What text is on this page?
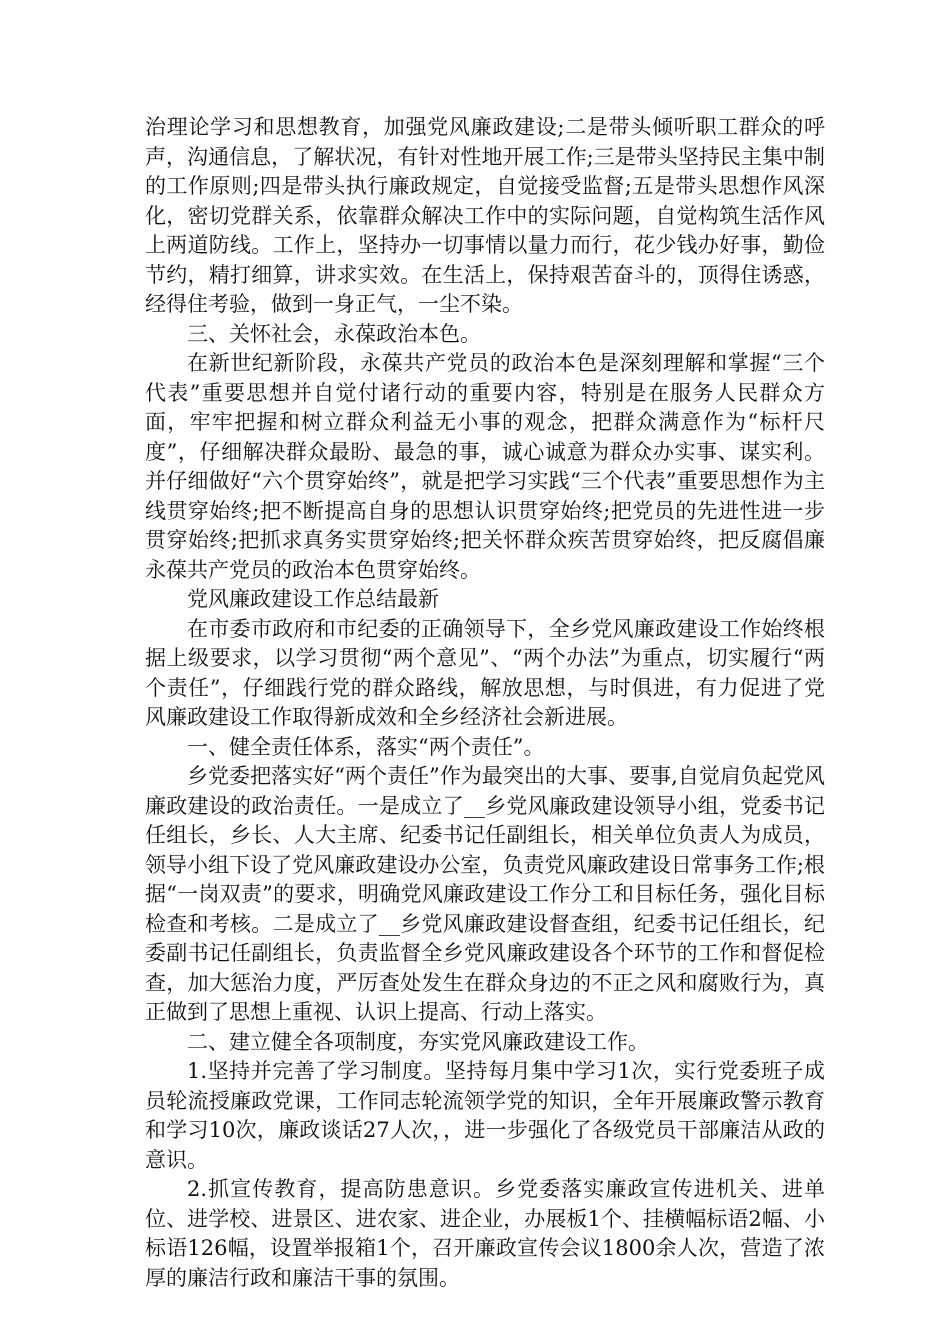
治理论学习和思想教育，加强党风廉政建设;二是带头倾听职工群众的呼声，沟通信息，了解状况，有针对性地开展工作;三是带头坚持民主集中制的工作原则;四是带头执行廉政规定，自觉接受监督;五是带头思想作风深化，密切党群关系，依靠群众解决工作中的实际问题，自觉构筑生活作风上两道防线。工作上，坚持办一切事情以量力而行，花少钱办好事，勤俭节约，精打细算，讲求实效。在生活上，保持艰苦奋斗的，顶得住诱惑，经得住考验，做到一身正气，一尘不染。

三、关怀社会，永葆政治本色。

在新世纪新阶段，永葆共产党员的政治本色是深刻理解和掌握“三个代表”重要思想并自觉付诸行动的重要内容，特别是在服务人民群众方面，牢牢把握和树立群众利益无小事的观念，把群众满意作为“标杆尺度”，仔细解决群众最盼、最急的事，诚心诚意为群众办实事、谋实利。并仔细做好“六个贯穿始终”，就是把学习实践“三个代表”重要思想作为主线贯穿始终;把不断提高自身的思想认识贯穿始终;把党员的先进性进一步贯穿始终;把抓求真务实贯穿始终;把关怀群众疾苦贯穿始终，把反腐倡廉永葆共产党员的政治本色贯穿始终。

党风廉政建设工作总结最新

在市委市政府和市纪委的正确领导下，全乡党风廉政建设工作始终根据上级要求，以学习贯彻“两个意见”、“两个办法”为重点，切实履行“两个责任”，仔细践行党的群众路线，解放思想，与时俱进，有力促进了党风廉政建设工作取得新成效和全乡经济社会新进展。

一、健全责任体系，落实“两个责任”。

乡党委把落实好“两个责任”作为最突出的大事、要事,自觉肩负起党风廉政建设的政治责任。一是成立了__乡党风廉政建设领导小组，党委书记任组长，乡长、人大主席、纪委书记任副组长，相关单位负责人为成员，领导小组下设了党风廉政建设办公室，负责党风廉政建设日常事务工作;根据“一岗双责”的要求，明确党风廉政建设工作分工和目标任务，强化目标检查和考核。二是成立了__乡党风廉政建设督查组，纪委书记任组长，纪委副书记任副组长，负责监督全乡党风廉政建设各个环节的工作和督促检查，加大惩治力度，严厉查处发生在群众身边的不正之风和腐败行为，真正做到了思想上重视、认识上提高、行动上落实。

二、建立健全各项制度，夯实党风廉政建设工作。

1.坚持并完善了学习制度。坚持每月集中学习1次，实行党委班子成员轮流授廉政党课，工作同志轮流领学党的知识，全年开展廉政警示教育和学习10次，廉政谈话27人次，，进一步强化了各级党员干部廉洁从政的意识。

2.抓宣传教育，提高防患意识。乡党委落实廉政宣传进机关、进单位、进学校、进景区、进农家、进企业，办展板1个、挂横幅标语2幅、小标语126幅，设置举报箱1个，召开廉政宣传会议1800余人次，营造了浓厚的廉洁行政和廉洁干事的氛围。
